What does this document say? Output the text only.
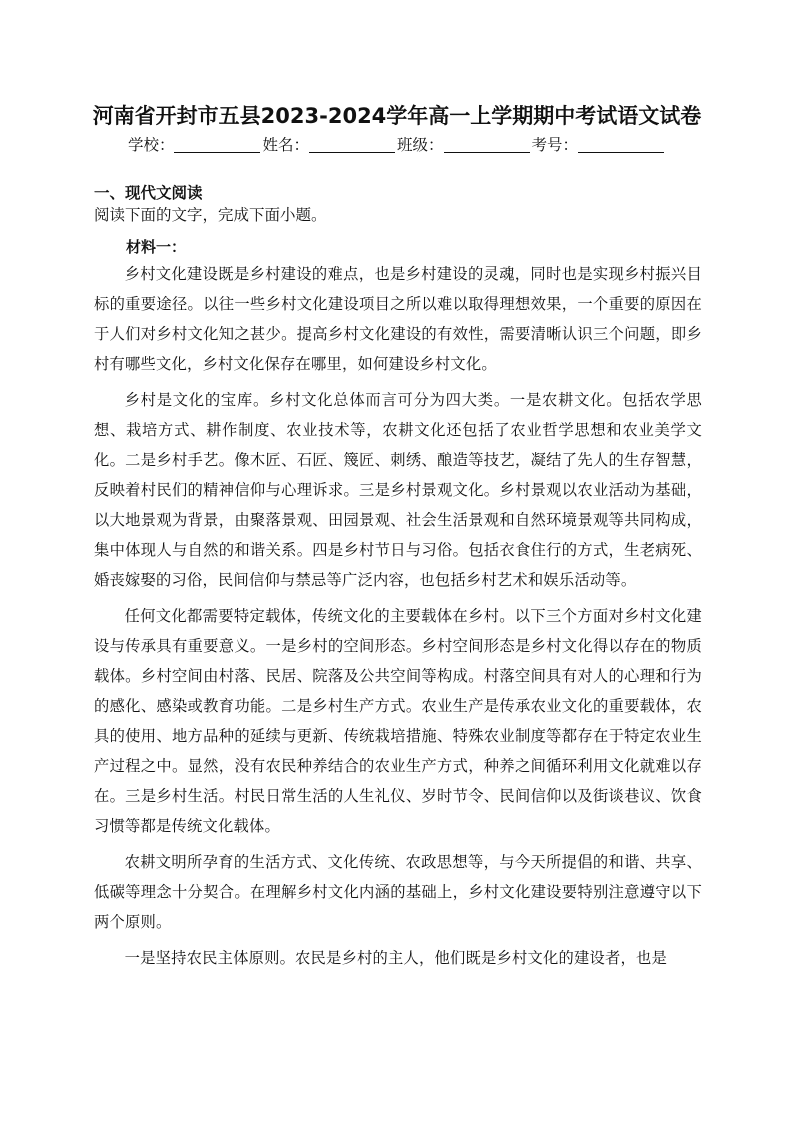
河南省开封市五县2023-2024学年高一上学期期中考试语文试卷
学校：	姓名：	班级：	考号：
一、现代文阅读
阅读下面的文字，完成下面小题。
材料一：

乡村文化建设既是乡村建设的难点，也是乡村建设的灵魂，同时也是实现乡村振兴目标的重要途径。以往一些乡村文化建设项目之所以难以取得理想效果，一个重要的原因在于人们对乡村文化知之甚少。提高乡村文化建设的有效性，需要清晰认识三个问题，即乡村有哪些文化，乡村文化保存在哪里，如何建设乡村文化。

乡村是文化的宝库。乡村文化总体而言可分为四大类。一是农耕文化。包括农学思想、栽培方式、耕作制度、农业技术等，农耕文化还包括了农业哲学思想和农业美学文化。二是乡村手艺。像木匠、石匠、篾匠、刺绣、酿造等技艺，凝结了先人的生存智慧，反映着村民们的精神信仰与心理诉求。三是乡村景观文化。乡村景观以农业活动为基础，以大地景观为背景，由聚落景观、田园景观、社会生活景观和自然环境景观等共同构成，集中体现人与自然的和谐关系。四是乡村节日与习俗。包括衣食住行的方式，生老病死、婚丧嫁娶的习俗，民间信仰与禁忌等广泛内容，也包括乡村艺术和娱乐活动等。

任何文化都需要特定载体，传统文化的主要载体在乡村。以下三个方面对乡村文化建设与传承具有重要意义。一是乡村的空间形态。乡村空间形态是乡村文化得以存在的物质载体。乡村空间由村落、民居、院落及公共空间等构成。村落空间具有对人的心理和行为的感化、感染或教育功能。二是乡村生产方式。农业生产是传承农业文化的重要载体，农具的使用、地方品种的延续与更新、传统栽培措施、特殊农业制度等都存在于特定农业生产过程之中。显然，没有农民种养结合的农业生产方式，种养之间循环利用文化就难以存在。三是乡村生活。村民日常生活的人生礼仪、岁时节令、民间信仰以及街谈巷议、饮食习惯等都是传统文化载体。

农耕文明所孕育的生活方式、文化传统、农政思想等，与今天所提倡的和谐、共享、低碳等理念十分契合。在理解乡村文化内涵的基础上，乡村文化建设要特别注意遵守以下两个原则。

一是坚持农民主体原则。农民是乡村的主人，他们既是乡村文化的建设者，也是
